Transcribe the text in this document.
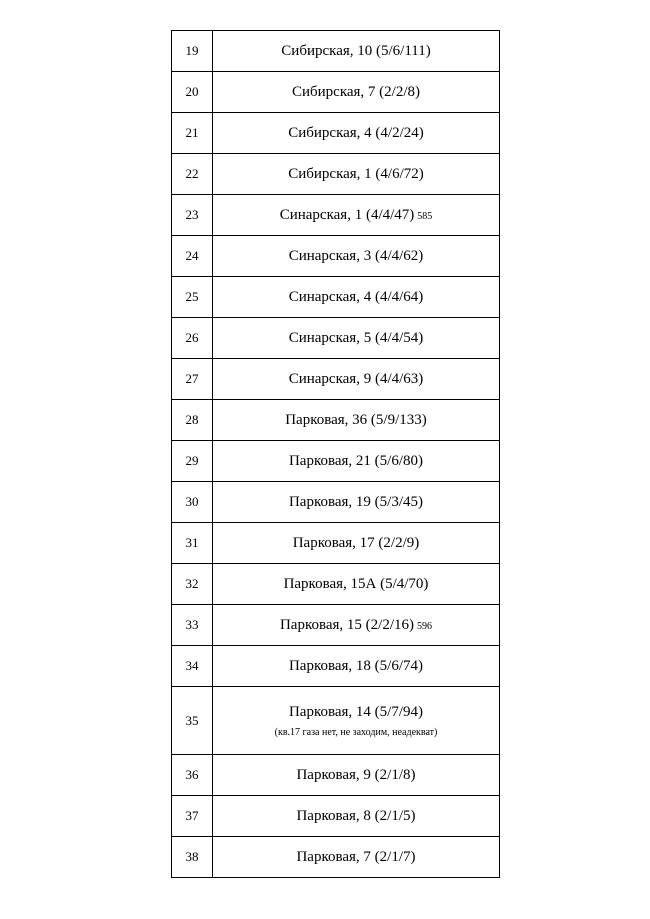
19	Сибирская, 10 (5/6/111)
20	Сибирская, 7 (2/2/8)
21	Сибирская, 4 (4/2/24)
22	Сибирская, 1 (4/6/72)
23	Синарская, 1 (4/4/47) 585
24	Синарская, 3 (4/4/62)
25	Синарская, 4 (4/4/64)
26	Синарская, 5 (4/4/54)
27	Синарская, 9 (4/4/63)
28	Парковая, 36 (5/9/133)
29	Парковая, 21 (5/6/80)
30	Парковая, 19 (5/3/45)
31	Парковая, 17 (2/2/9)
32	Парковая, 15А (5/4/70)
33	Парковая, 15 (2/2/16) 596
34	Парковая, 18 (5/6/74)
35	Парковая, 14 (5/7/94)
(кв.17 газа нет, не заходим, неадекват)

36	Парковая, 9 (2/1/8)
37	Парковая, 8 (2/1/5)
38	Парковая, 7 (2/1/7)
